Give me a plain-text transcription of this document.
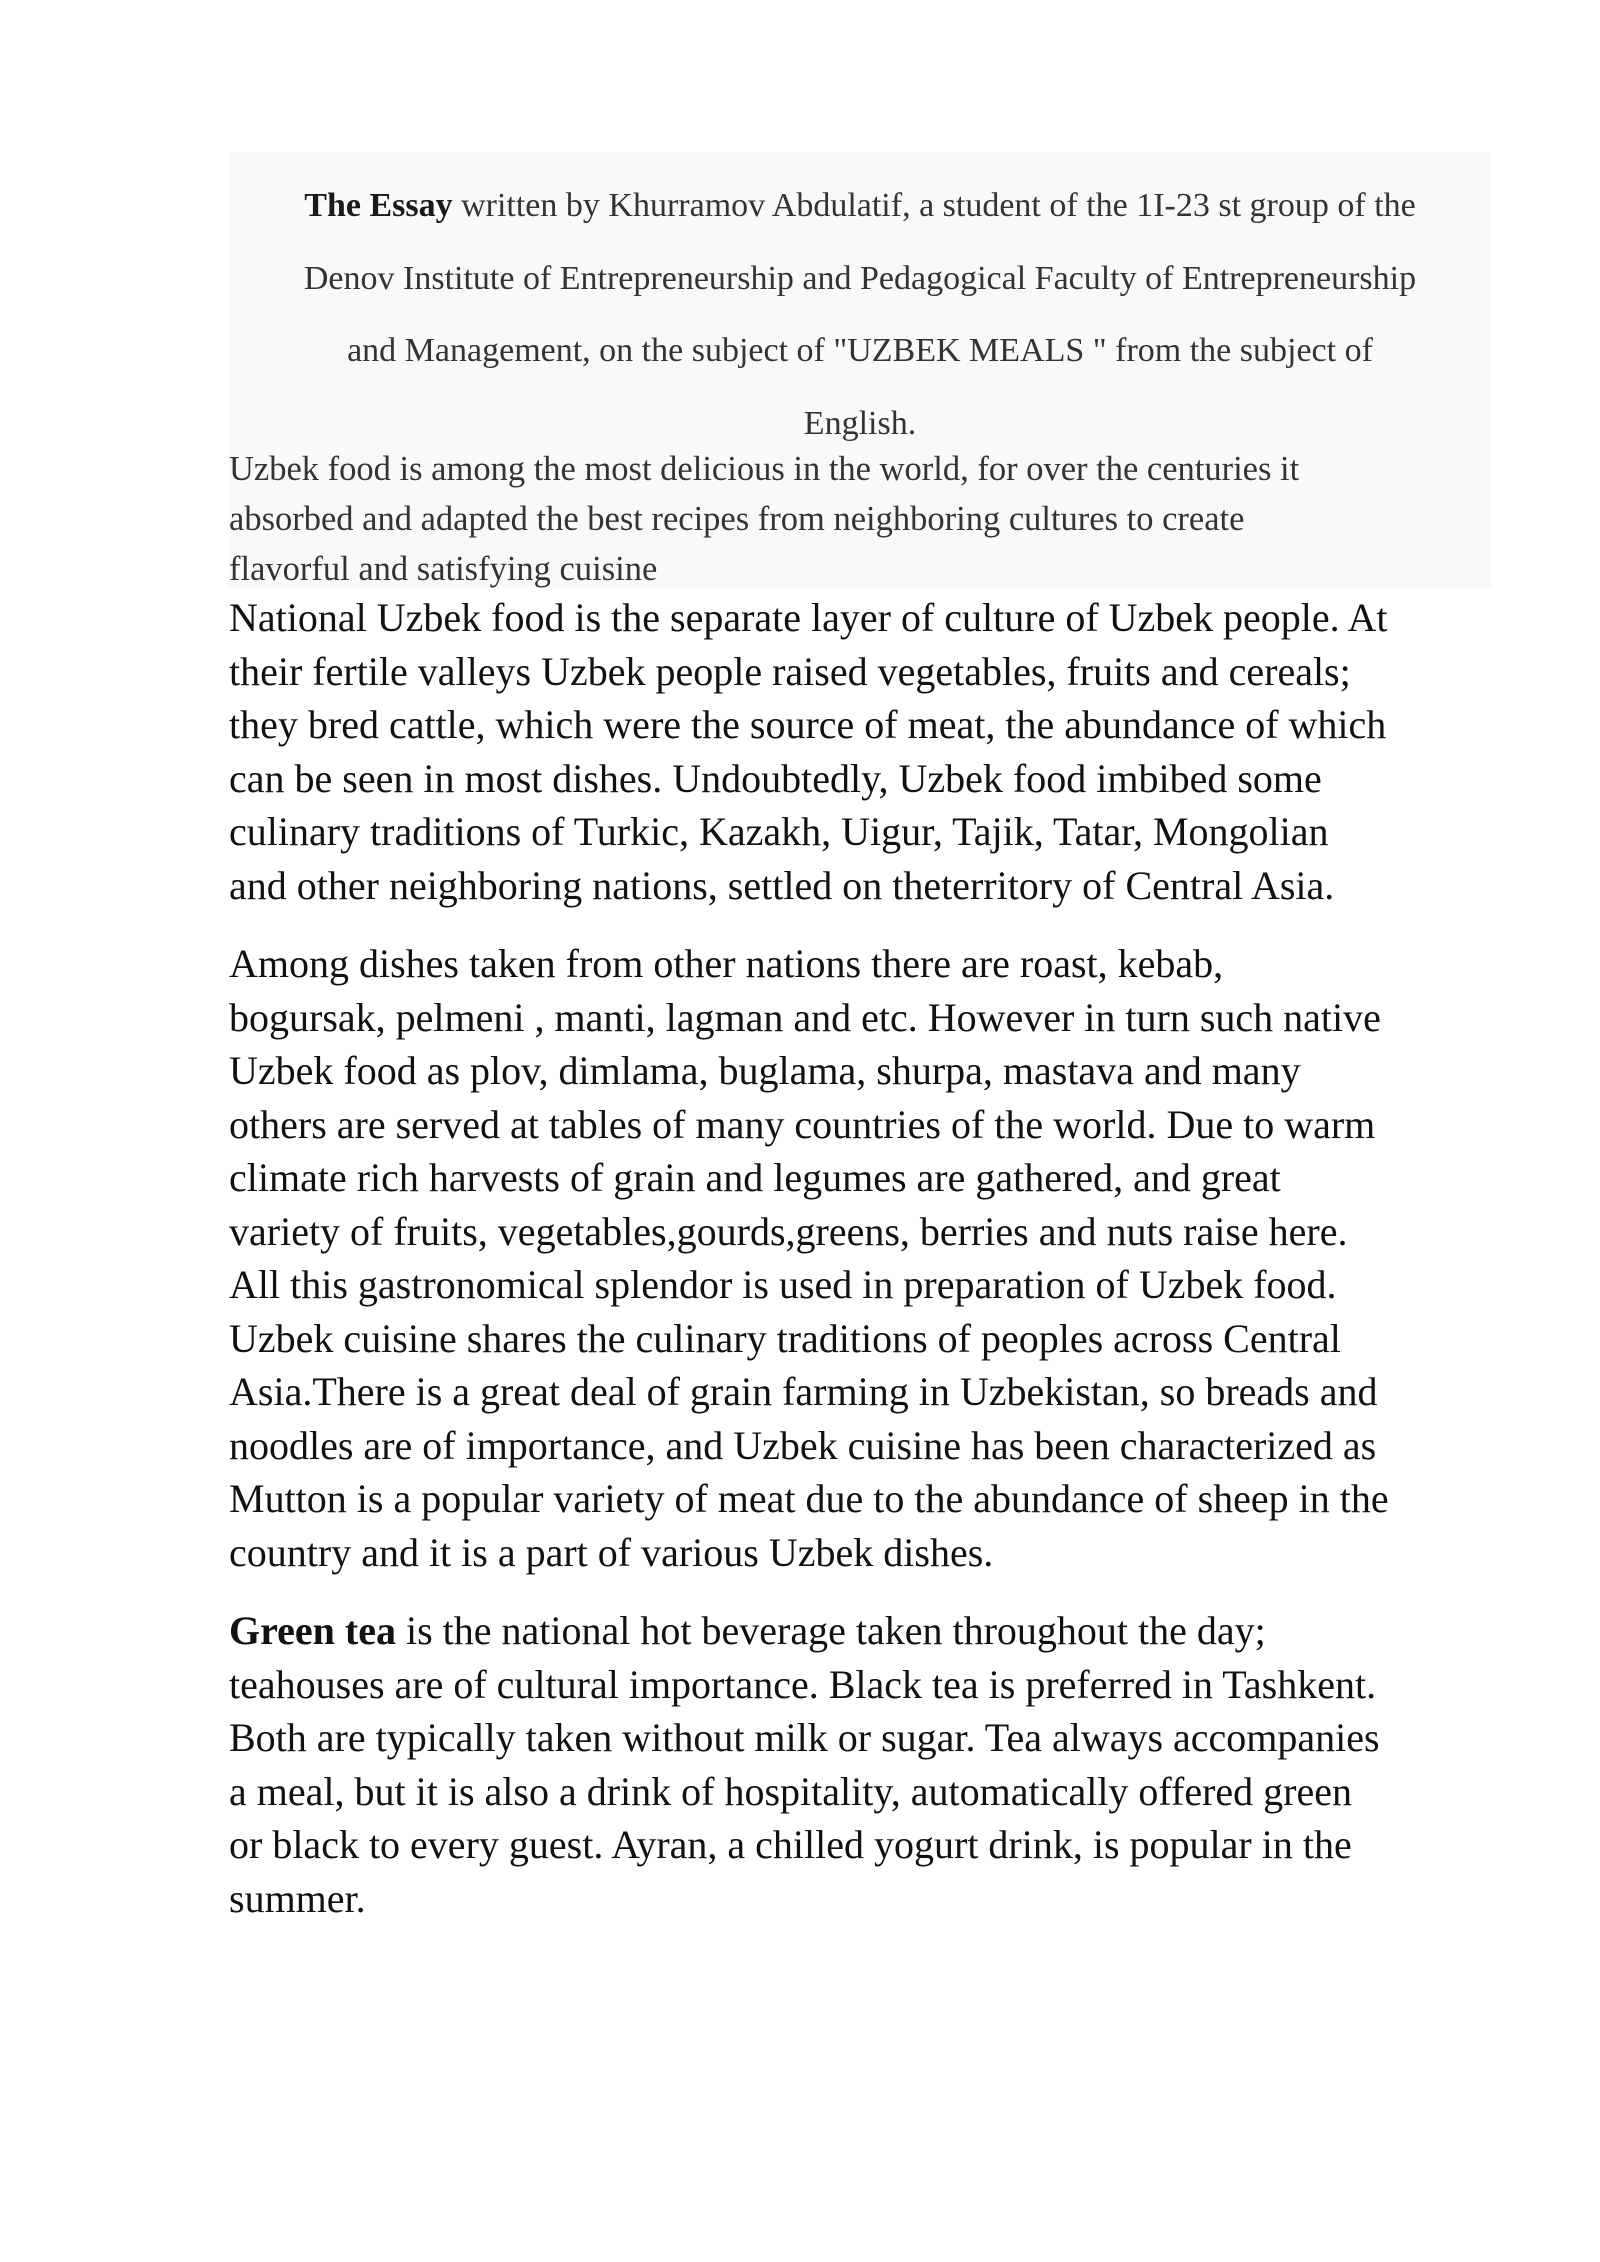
The Essay written by Khurramov Abdulatif, a student of the 1I-23 st group of the
Denov Institute of Entrepreneurship and Pedagogical Faculty of Entrepreneurship
and Management, on the subject of "UZBEK MEALS " from the subject of
English.

Uzbek food is among the most delicious in the world, for over the centuries it
absorbed and adapted the best recipes from neighboring cultures to create
flavorful and satisfying cuisine

National Uzbek food is the separate layer of culture of Uzbek people. At
their fertile valleys Uzbek people raised vegetables, fruits and cereals;
they bred cattle, which were the source of meat, the abundance of which
can be seen in most dishes. Undoubtedly, Uzbek food imbibed some
culinary traditions of Turkic, Kazakh, Uigur, Tajik, Tatar, Mongolian
and other neighboring nations, settled on theterritory of Central Asia.

Among dishes taken from other nations there are roast, kebab,
bogursak, pelmeni , manti, lagman and etc. However in turn such native
Uzbek food as plov, dimlama, buglama, shurpa, mastava and many
others are served at tables of many countries of the world. Due to warm
climate rich harvests of grain and legumes are gathered, and great
variety of fruits, vegetables,gourds,greens, berries and nuts raise here.
All this gastronomical splendor is used in preparation of Uzbek food.
Uzbek cuisine shares the culinary traditions of peoples across Central
Asia.There is a great deal of grain farming in Uzbekistan, so breads and
noodles are of importance, and Uzbek cuisine has been characterized as
Mutton is a popular variety of meat due to the abundance of sheep in the
country and it is a part of various Uzbek dishes.

Green tea is the national hot beverage taken throughout the day;
teahouses are of cultural importance. Black tea is preferred in Tashkent.
Both are typically taken without milk or sugar. Tea always accompanies
a meal, but it is also a drink of hospitality, automatically offered green
or black to every guest. Ayran, a chilled yogurt drink, is popular in the
summer.
